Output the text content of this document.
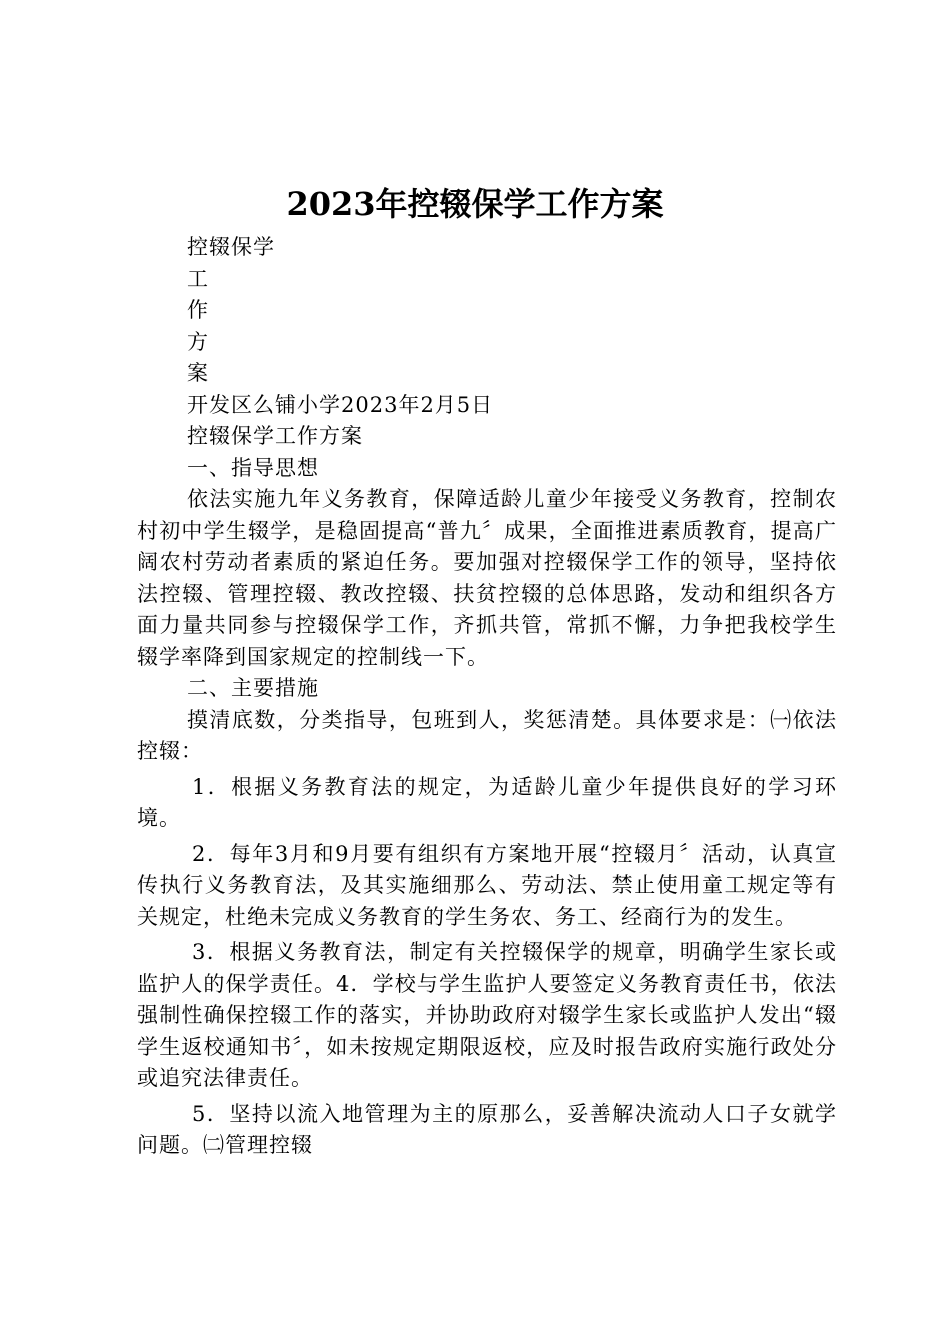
2023年控辍保学工作方案

控辍保学

工

作

方

案

开发区么铺小学2023年2月5日

控辍保学工作方案

一、指导思想

依法实施九年义务教育，保障适龄儿童少年接受义务教育，控制农村初中学生辍学，是稳固提高“普九〞成果，全面推进素质教育，提高广阔农村劳动者素质的紧迫任务。要加强对控辍保学工作的领导，坚持依法控辍、管理控辍、教改控辍、扶贫控辍的总体思路，发动和组织各方面力量共同参与控辍保学工作，齐抓共管，常抓不懈，力争把我校学生辍学率降到国家规定的控制线一下。

二、主要措施

摸清底数，分类指导，包班到人，奖惩清楚。具体要求是：㈠依法控辍：

1．根据义务教育法的规定，为适龄儿童少年提供良好的学习环境。

2．每年3月和9月要有组织有方案地开展“控辍月〞活动，认真宣传执行义务教育法，及其实施细那么、劳动法、禁止使用童工规定等有关规定，杜绝未完成义务教育的学生务农、务工、经商行为的发生。

3．根据义务教育法，制定有关控辍保学的规章，明确学生家长或监护人的保学责任。4．学校与学生监护人要签定义务教育责任书，依法强制性确保控辍工作的落实，并协助政府对辍学生家长或监护人发出“辍学生返校通知书〞，如未按规定期限返校，应及时报告政府实施行政处分或追究法律责任。

5．坚持以流入地管理为主的原那么，妥善解决流动人口子女就学问题。㈡管理控辍
